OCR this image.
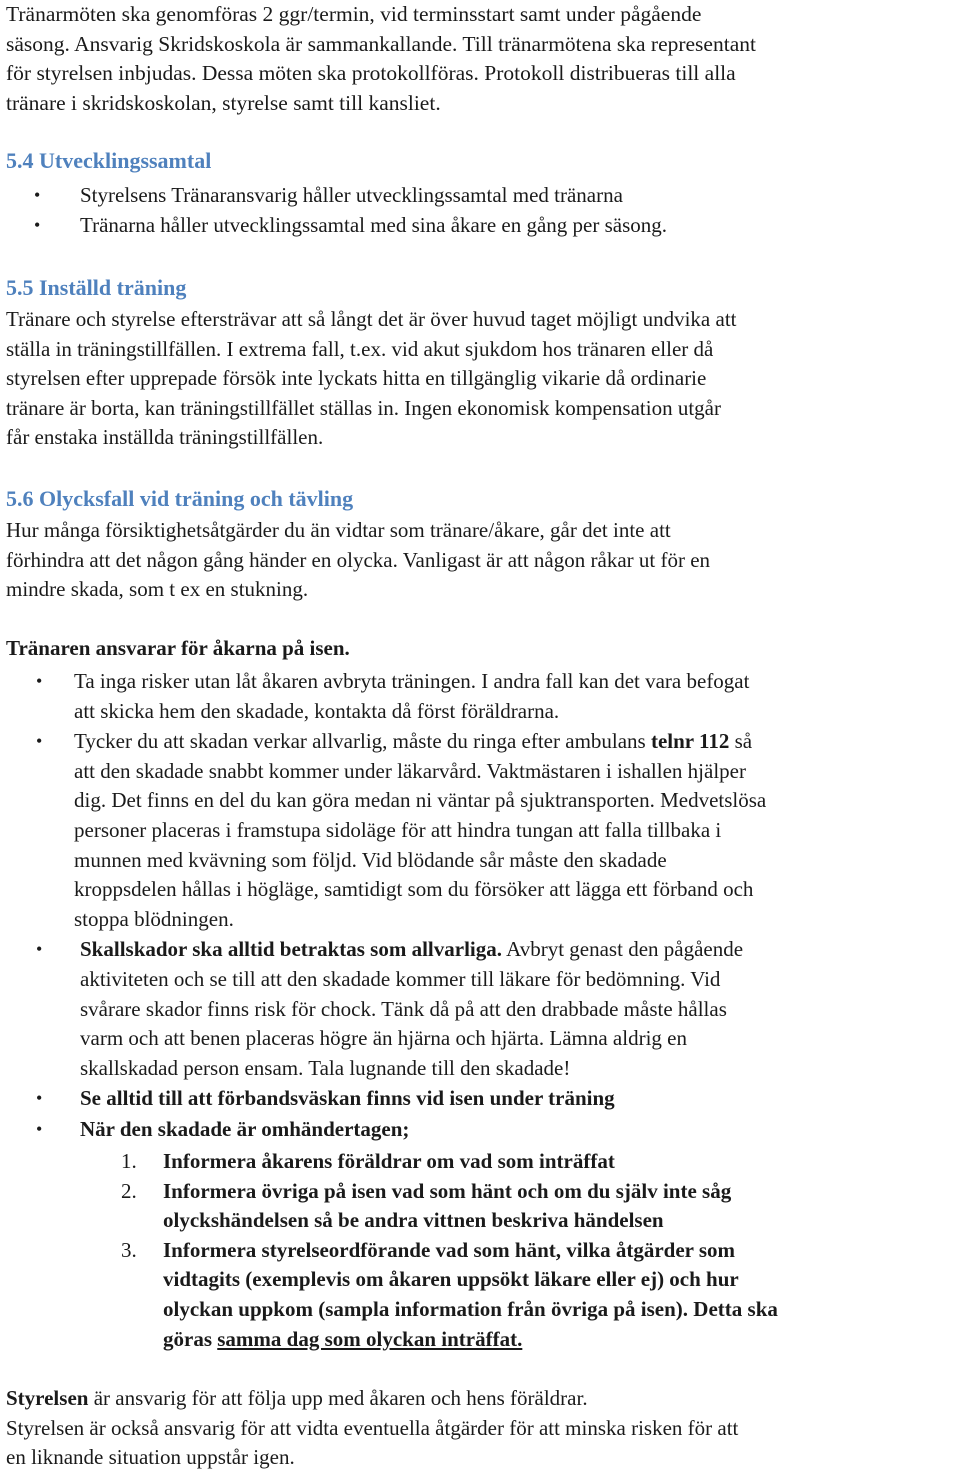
Tränarmöten ska genomföras 2 ggr/termin, vid terminsstart samt under pågående
säsong. Ansvarig Skridskoskola är sammankallande. Till tränarmötena ska representant
för styrelsen inbjudas. Dessa möten ska protokollföras. Protokoll distribueras till alla
tränare i skridskoskolan, styrelse samt till kansliet.
5.4 Utvecklingssamtal
• Styrelsens Tränaransvarig håller utvecklingssamtal med tränarna
• Tränarna håller utvecklingssamtal med sina åkare en gång per säsong.
5.5 Inställd träning
Tränare och styrelse eftersträvar att så långt det är över huvud taget möjligt undvika att
ställa in träningstillfällen. I extrema fall, t.ex. vid akut sjukdom hos tränaren eller då
styrelsen efter upprepade försök inte lyckats hitta en tillgänglig vikarie då ordinarie
tränare är borta, kan träningstillfället ställas in. Ingen ekonomisk kompensation utgår
får enstaka inställda träningstillfällen.
5.6 Olycksfall vid träning och tävling
Hur många försiktighetsåtgärder du än vidtar som tränare/åkare, går det inte att
förhindra att det någon gång händer en olycka. Vanligast är att någon råkar ut för en
mindre skada, som t ex en stukning.
Tränaren ansvarar för åkarna på isen.
• Ta inga risker utan låt åkaren avbryta träningen. I andra fall kan det vara befogat
att skicka hem den skadade, kontakta då först föräldrarna.
• Tycker du att skadan verkar allvarlig, måste du ringa efter ambulans telnr 112 så
att den skadade snabbt kommer under läkarvård. Vaktmästaren i ishallen hjälper
dig. Det finns en del du kan göra medan ni väntar på sjuktransporten. Medvetslösa
personer placeras i framstupa sidoläge för att hindra tungan att falla tillbaka i
munnen med kvävning som följd. Vid blödande sår måste den skadade
kroppsdelen hållas i högläge, samtidigt som du försöker att lägga ett förband och
stoppa blödningen.
• Skallskador ska alltid betraktas som allvarliga. Avbryt genast den pågående
aktiviteten och se till att den skadade kommer till läkare för bedömning. Vid
svårare skador finns risk för chock. Tänk då på att den drabbade måste hållas
varm och att benen placeras högre än hjärna och hjärta. Lämna aldrig en
skallskadad person ensam. Tala lugnande till den skadade!
• Se alltid till att förbandsväskan finns vid isen under träning
• När den skadade är omhändertagen;
1. Informera åkarens föräldrar om vad som inträffat
2. Informera övriga på isen vad som hänt och om du själv inte såg
olyckshändelsen så be andra vittnen beskriva händelsen
3. Informera styrelseordförande vad som hänt, vilka åtgärder som
vidtagits (exemplevis om åkaren uppsökt läkare eller ej) och hur
olyckan uppkom (sampla information från övriga på isen). Detta ska
göras samma dag som olyckan inträffat.
Styrelsen är ansvarig för att följa upp med åkaren och hens föräldrar.
Styrelsen är också ansvarig för att vidta eventuella åtgärder för att minska risken för att
en liknande situation uppstår igen.
